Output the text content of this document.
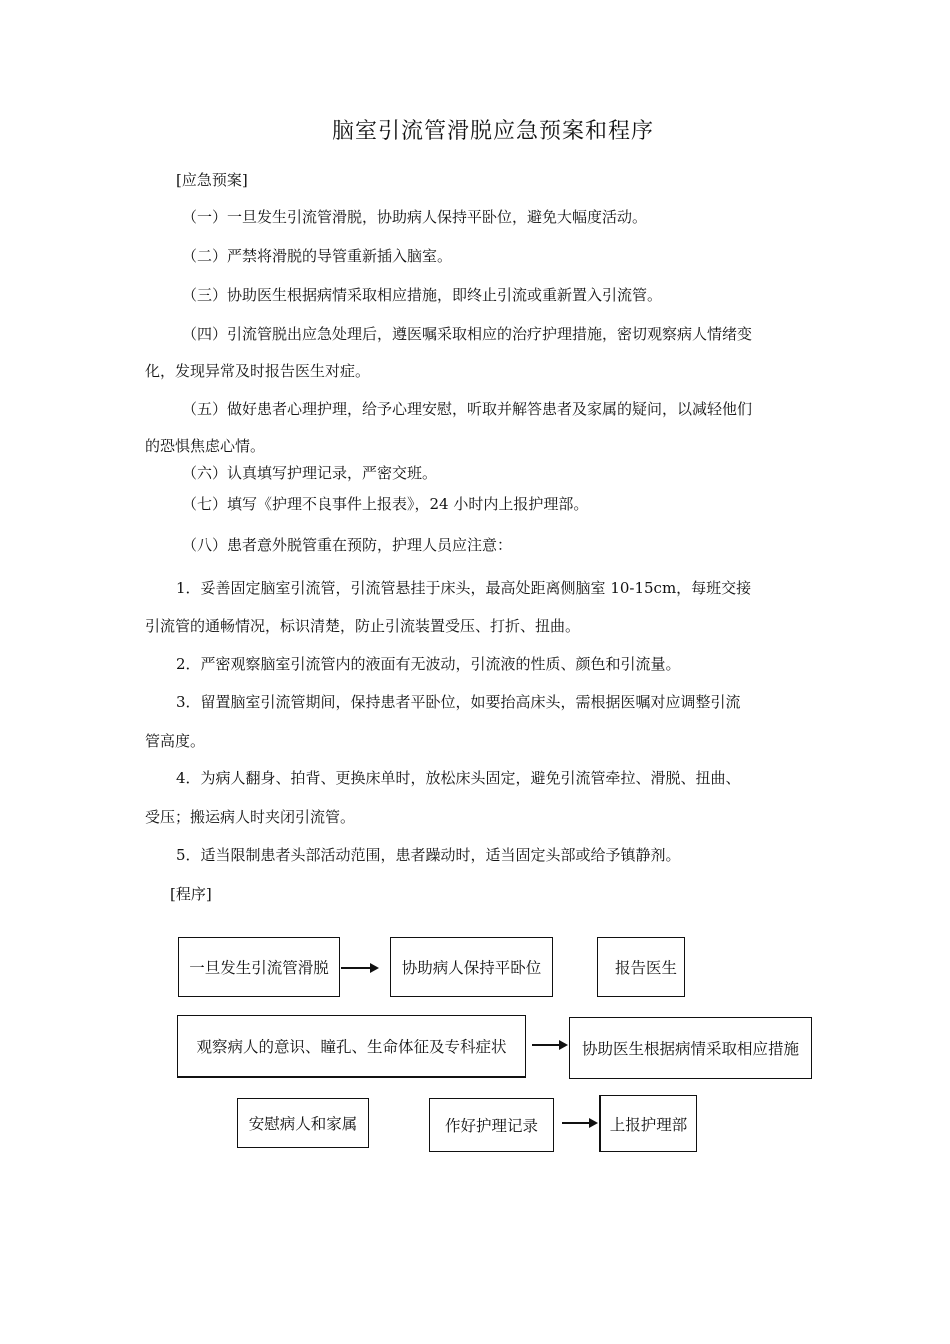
脑室引流管滑脱应急预案和程序
[应急预案]
（一）一旦发生引流管滑脱，协助病人保持平卧位，避免大幅度活动。
（二）严禁将滑脱的导管重新插入脑室。
（三）协助医生根据病情采取相应措施，即终止引流或重新置入引流管。
（四）引流管脱出应急处理后，遵医嘱采取相应的治疗护理措施，密切观察病人情绪变
化，发现异常及时报告医生对症。
（五）做好患者心理护理，给予心理安慰，听取并解答患者及家属的疑问，以减轻他们
的恐惧焦虑心情。
（六）认真填写护理记录，严密交班。
（七）填写《护理不良事件上报表》，24 小时内上报护理部。
（八）患者意外脱管重在预防，护理人员应注意：
1．妥善固定脑室引流管，引流管悬挂于床头，最高处距离侧脑室 10-15cm，每班交接
引流管的通畅情况，标识清楚，防止引流装置受压、打折、扭曲。
2．严密观察脑室引流管内的液面有无波动，引流液的性质、颜色和引流量。
3．留置脑室引流管期间，保持患者平卧位，如要抬高床头，需根据医嘱对应调整引流
管高度。
4．为病人翻身、拍背、更换床单时，放松床头固定，避免引流管牵拉、滑脱、扭曲、
受压；搬运病人时夹闭引流管。
5．适当限制患者头部活动范围，患者躁动时，适当固定头部或给予镇静剂。
[程序]
一旦发生引流管滑脱	协助病人保持平卧位	报告医生
观察病人的意识、瞳孔、生命体征及专科症状	协助医生根据病情采取相应措施
安慰病人和家属	作好护理记录	上报护理部
